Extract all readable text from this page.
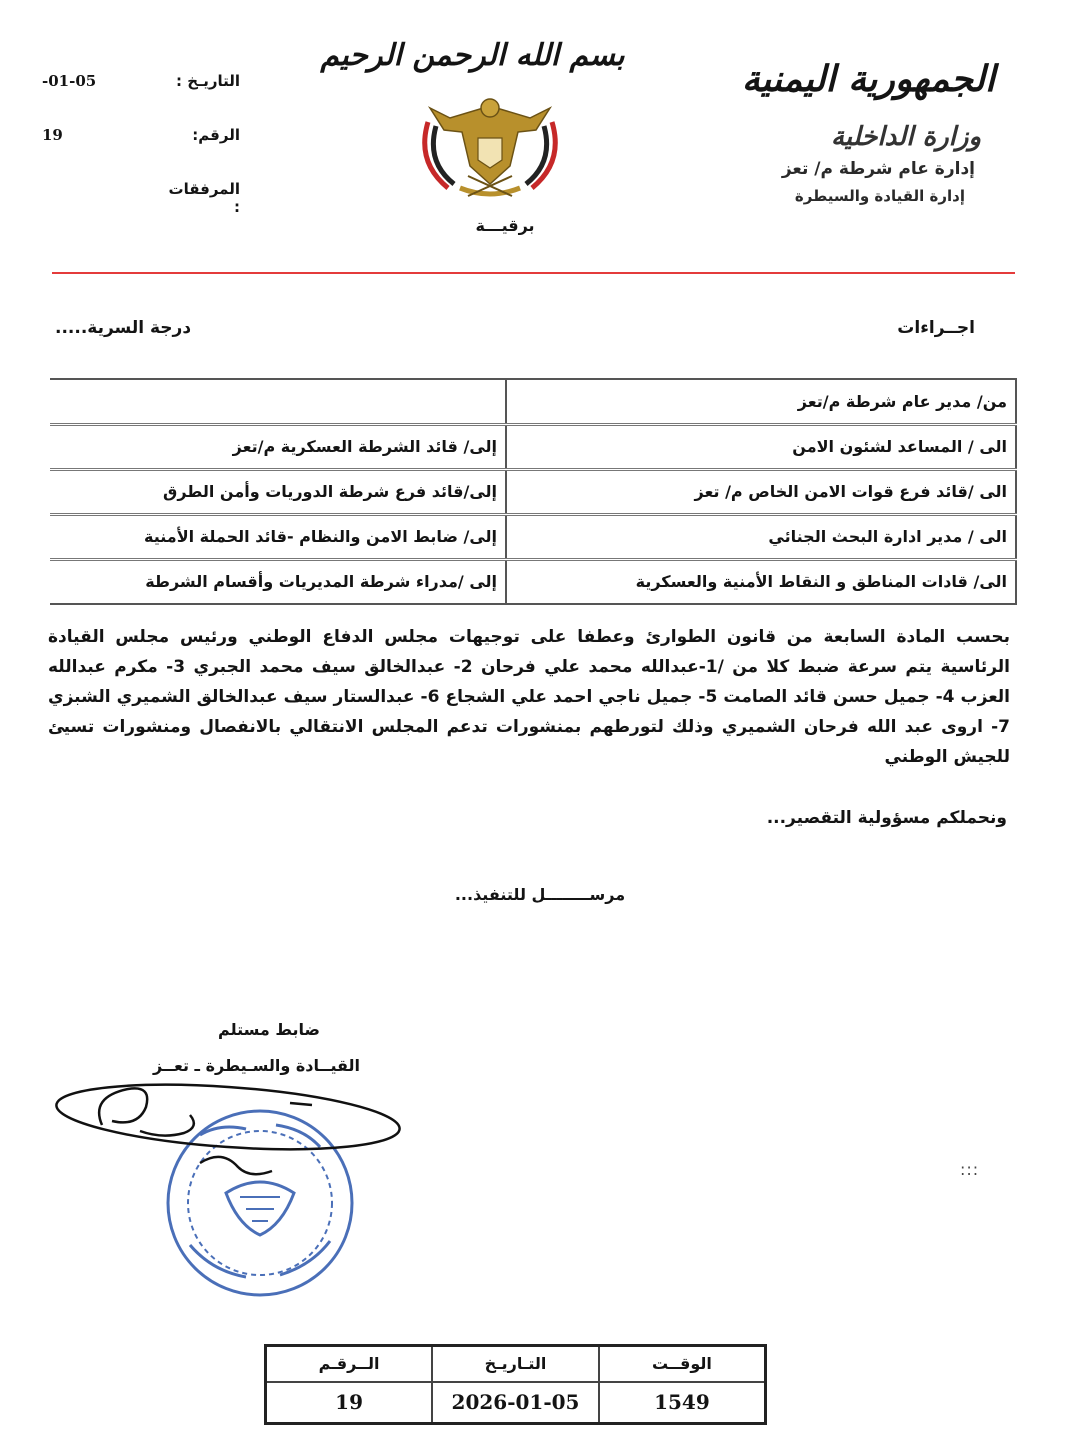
الجمهورية اليمنية
وزارة الداخلية
إدارة عام شرطة م/ تعز
إدارة القيادة والسيطرة
بسم الله الرحمن الرحيم
برقيـــة
التاريـخ :
-01-05
الرقم:
19
المرفقات :
اجــراءات
درجة السرية.....
من/ مدير عام شرطة م/تعز	
الى / المساعد لشئون الامن	إلى/ قائد الشرطة العسكرية م/تعز
الى /قائد فرع قوات الامن الخاص م/ تعز	إلى/قائد فرع شرطة الدوريات وأمن الطرق
الى / مدير ادارة البحث الجنائي	إلى/ ضابط الامن والنظام -قائد الحملة الأمنية
الى/ قادات المناطق و النقاط الأمنية والعسكرية	إلى /مدراء شرطة المديريات وأقسام الشرطة
بحسب المادة السابعة من قانون الطوارئ وعطفا على توجيهات مجلس الدفاع الوطني ورئيس مجلس القيادة الرئاسية يتم سرعة ضبط كلا من /1-عبدالله محمد علي فرحان 2- عبدالخالق سيف محمد الجبري 3- مكرم عبدالله العزب 4- جميل حسن قائد الصامت 5- جميل ناجي احمد علي الشجاع 6- عبدالستار سيف عبدالخالق الشميري الشبزي 7- اروى عبد الله فرحان الشميري وذلك لتورطهم بمنشورات تدعم المجلس الانتقالي بالانفصال ومنشورات تسيئ للجيش الوطني
ونحملكم مسؤولية التقصير...
مرســــــــل للتنفيذ...
ضابط مستلم
القيــادة والسـيطرة ـ تعــز
:::
الوقــت	التـاريـخ	الــرقـم
1549	2026-01-05	19
